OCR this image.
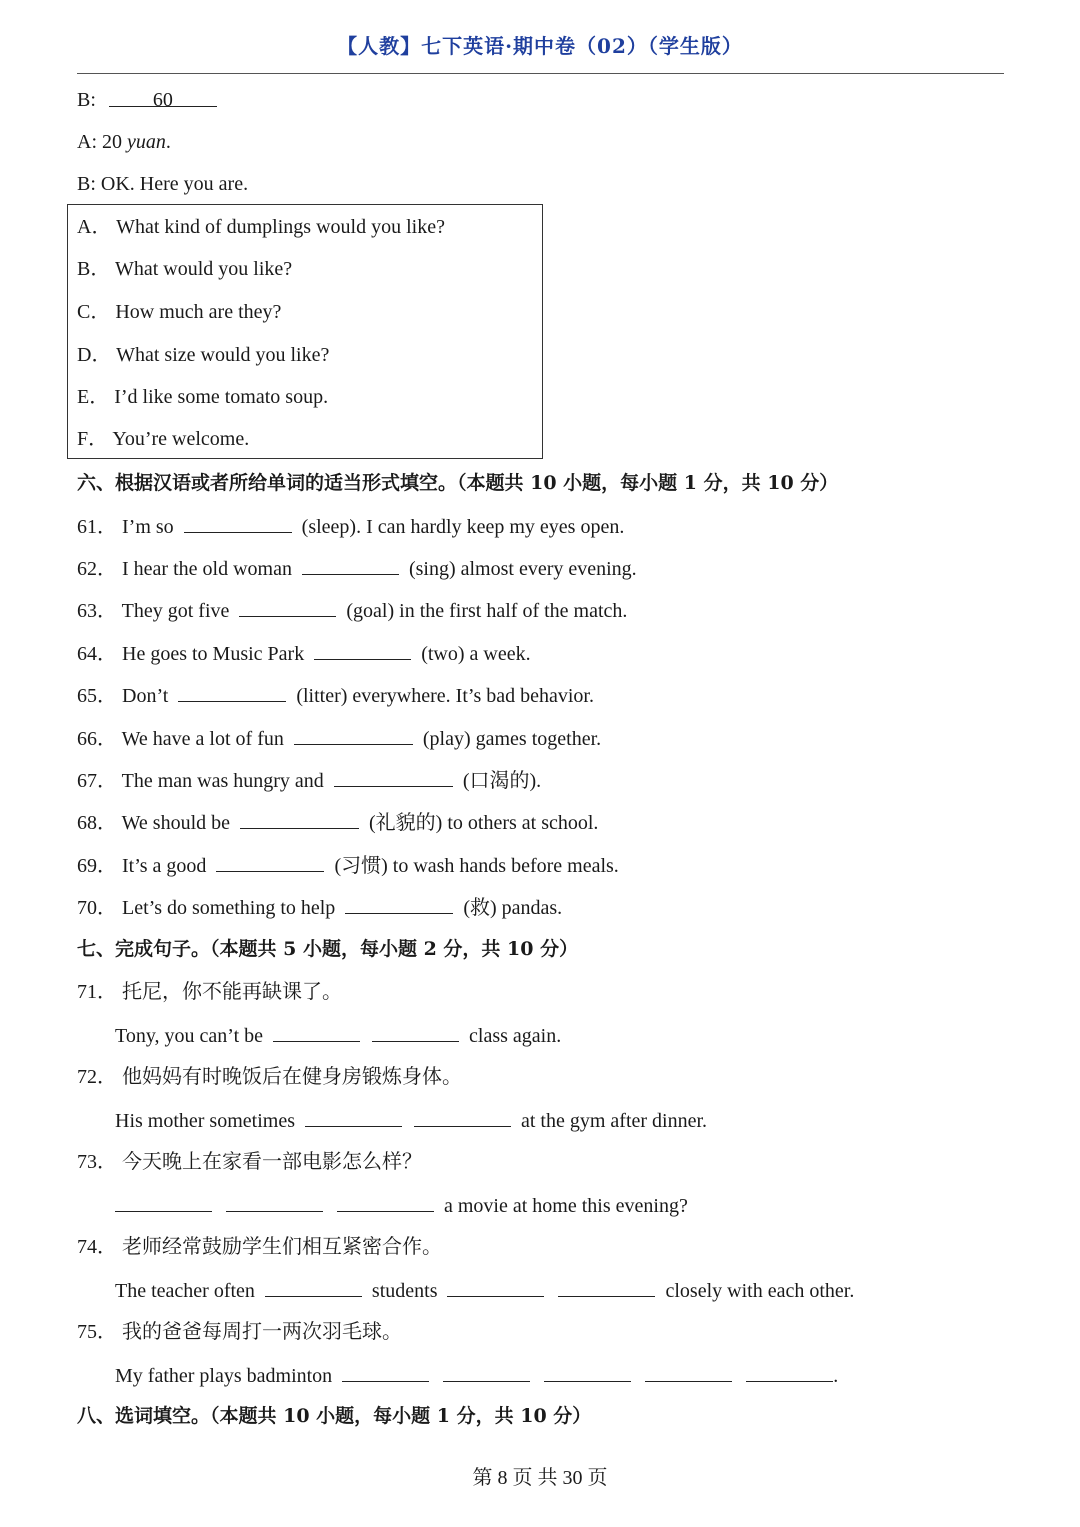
【人教】七下英语·期中卷（02）（学生版）
B:	60
A: 20 yuan.
B: OK. Here you are.
A． What kind of dumplings would you like?
B． What would you like?
C． How much are they?
D． What size would you like?
E． I’d like some tomato soup.
F． You’re welcome.
六、根据汉语或者所给单词的适当形式填空。（本题共 10 小题，每小题 1 分，共 10 分）
61． I’m so	(sleep). I can hardly keep my eyes open.
62． I hear the old woman	(sing) almost every evening.
63． They got five	(goal) in the first half of the match.
64． He goes to Music Park	(two) a week.
65． Don’t	(litter) everywhere. It’s bad behavior.
66． We have a lot of fun	(play) games together.
67． The man was hungry and	(口渴的).
68． We should be	(礼貌的) to others at school.
69． It’s a good	(习惯) to wash hands before meals.
70． Let’s do something to help	(救) pandas.
七、完成句子。（本题共 5 小题，每小题 2 分，共 10 分）
71． 托尼，你不能再缺课了。
Tony, you can’t be	class again.
72． 他妈妈有时晚饭后在健身房锻炼身体。
His mother sometimes	at the gym after dinner.
73． 今天晚上在家看一部电影怎么样？
a movie at home this evening?
74． 老师经常鼓励学生们相互紧密合作。
The teacher often	students	closely with each other.
75． 我的爸爸每周打一两次羽毛球。
My father plays badminton	.
八、选词填空。（本题共 10 小题，每小题 1 分，共 10 分）
第 8 页 共 30 页
